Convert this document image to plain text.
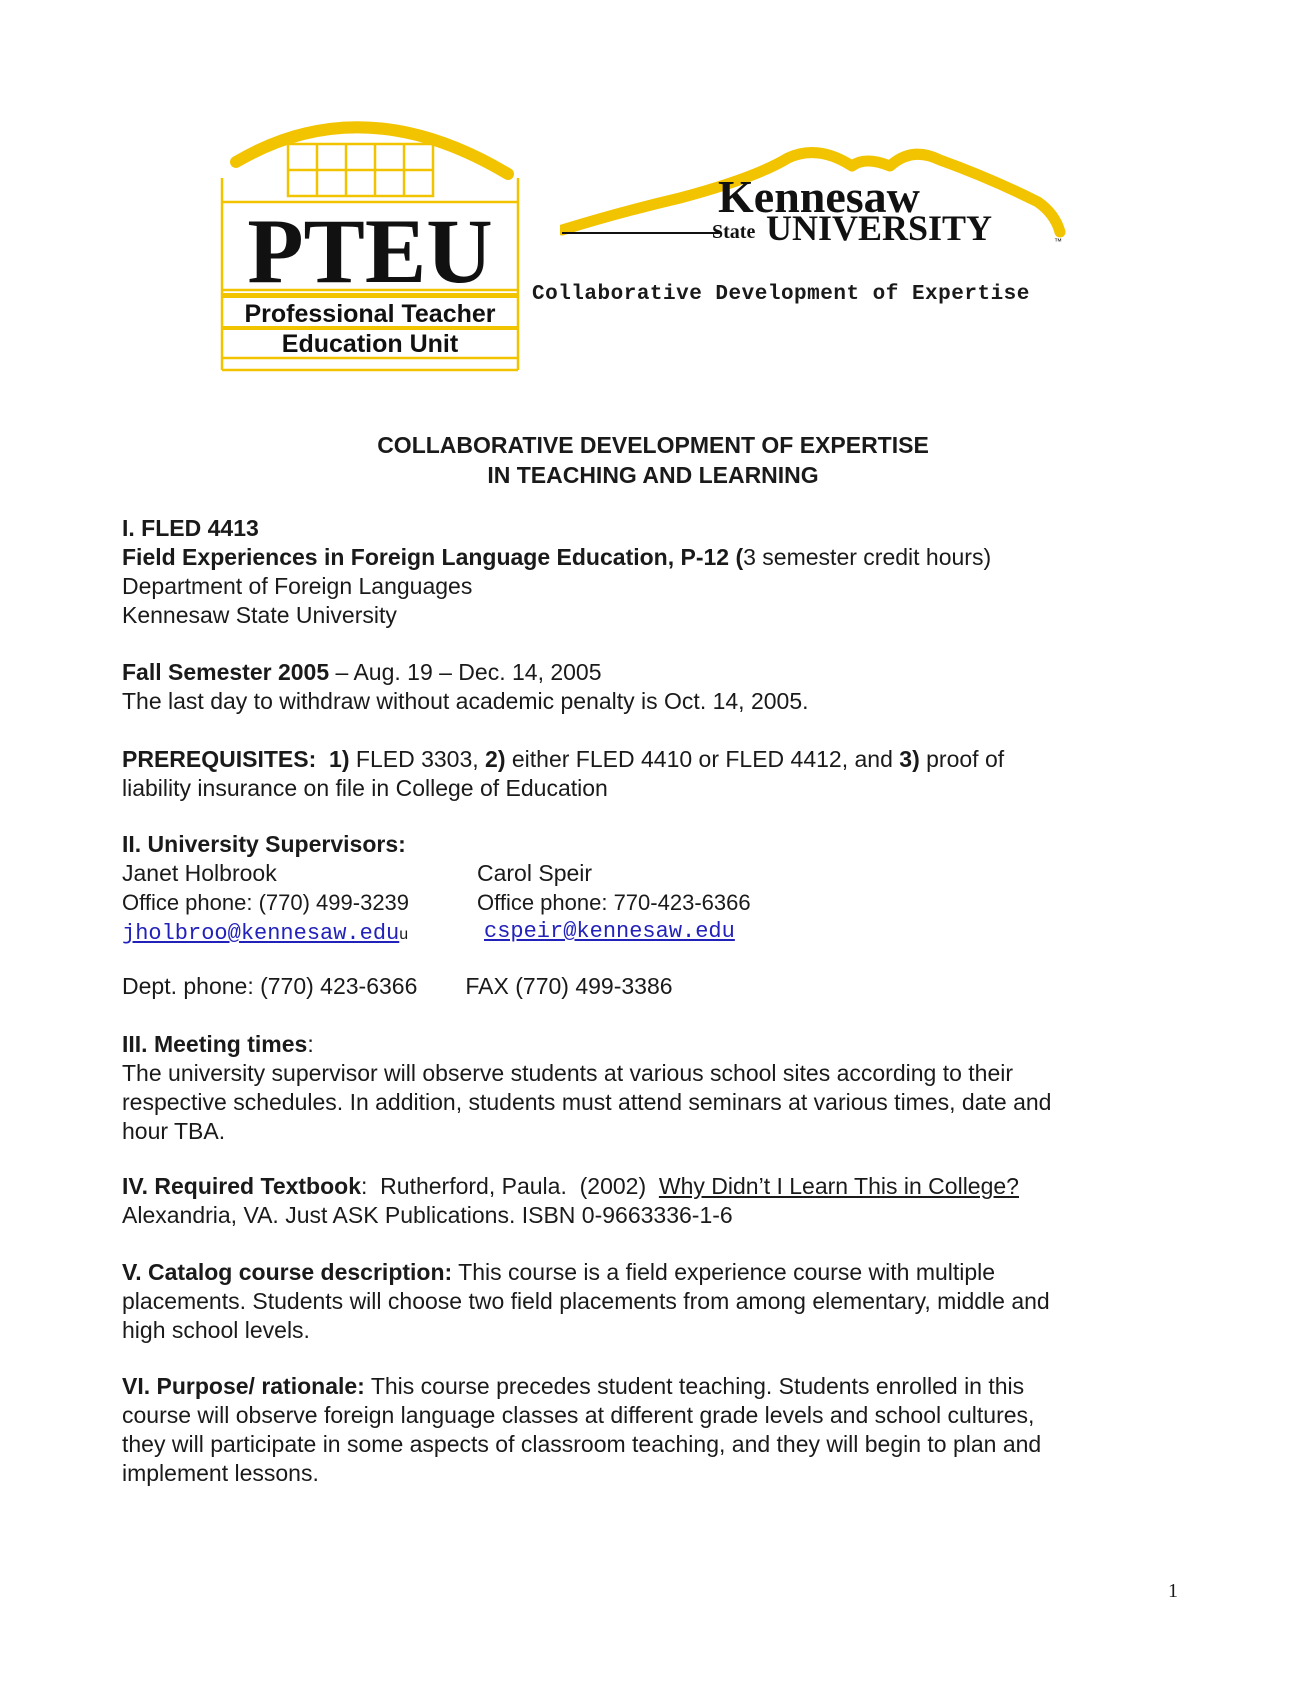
PTEU
Professional Teacher
Education Unit
Kennesaw
State UNIVERSITY	™
Collaborative Development of Expertise
COLLABORATIVE DEVELOPMENT OF EXPERTISE
IN TEACHING AND LEARNING
I. FLED 4413
Field Experiences in Foreign Language Education, P-12 (3 semester credit hours)
Department of Foreign Languages
Kennesaw State University
Fall Semester 2005 – Aug. 19 – Dec. 14, 2005
The last day to withdraw without academic penalty is Oct. 14, 2005.
PREREQUISITES: 1) FLED 3303, 2) either FLED 4410 or FLED 4412, and 3) proof of
liability insurance on file in College of Education
II. University Supervisors:
Janet Holbrook	Carol Speir
Office phone: (770) 499-3239	Office phone: 770-423-6366
jholbroo@kennesaw.eduu	cspeir@kennesaw.edu
Dept. phone: (770) 423-6366 FAX (770) 499-3386
III. Meeting times:
The university supervisor will observe students at various school sites according to their
respective schedules. In addition, students must attend seminars at various times, date and
hour TBA.
IV. Required Textbook:  Rutherford, Paula.  (2002)  Why Didn’t I Learn This in College?
Alexandria, VA. Just ASK Publications. ISBN 0-9663336-1-6
V. Catalog course description: This course is a field experience course with multiple
placements. Students will choose two field placements from among elementary, middle and
high school levels.
VI. Purpose/ rationale: This course precedes student teaching. Students enrolled in this
course will observe foreign language classes at different grade levels and school cultures,
they will participate in some aspects of classroom teaching, and they will begin to plan and
implement lessons.
1
